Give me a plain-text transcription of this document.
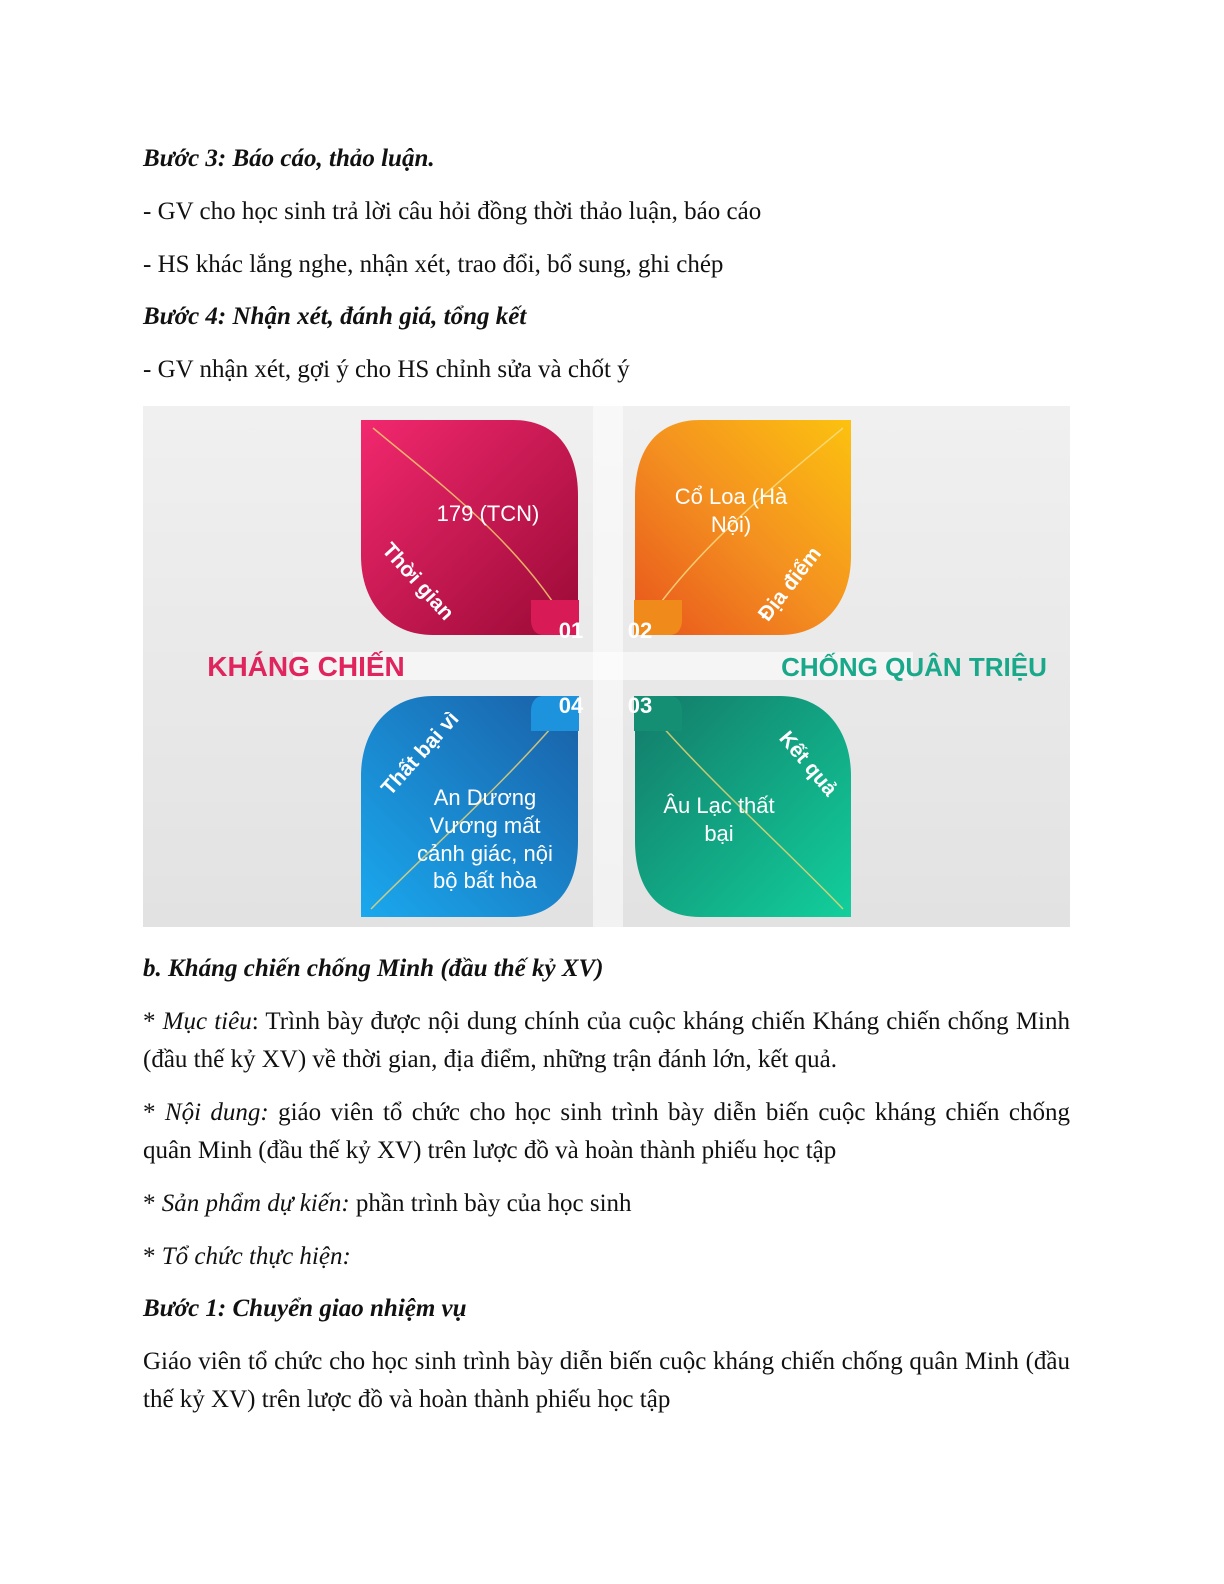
Bước 3: Báo cáo, thảo luận.
- GV cho học sinh trả lời câu hỏi đồng thời thảo luận, báo cáo
- HS khác lắng nghe, nhận xét, trao đổi, bổ sung, ghi chép
Bước 4: Nhận xét, đánh giá, tổng kết
- GV nhận xét, gợi ý cho HS chỉnh sửa và chốt ý
179 (TCN)
Thời gian
01
Cổ Loa (Hà
Nội)
Địa điểm
02
Âu Lạc thất
bại
Kết quả
03
An Dương
Vương mất
cảnh giác, nội
bộ bất hòa
Thất bại vì
04
KHÁNG CHIẾN	CHỐNG QUÂN TRIỆU
b. Kháng chiến chống Minh (đầu thế kỷ XV)
* Mục tiêu: Trình bày được nội dung chính của cuộc kháng chiến Kháng chiến chống Minh (đầu thế kỷ XV) về thời gian, địa điểm, những trận đánh lớn, kết quả.
* Nội dung: giáo viên tổ chức cho học sinh trình bày diễn biến cuộc kháng chiến chống quân Minh (đầu thế kỷ XV) trên lược đồ và hoàn thành phiếu học tập
* Sản phẩm dự kiến: phần trình bày của học sinh
* Tổ chức thực hiện:
Bước 1: Chuyển giao nhiệm vụ
Giáo viên tổ chức cho học sinh trình bày diễn biến cuộc kháng chiến chống quân Minh (đầu thế kỷ XV) trên lược đồ và hoàn thành phiếu học tập
